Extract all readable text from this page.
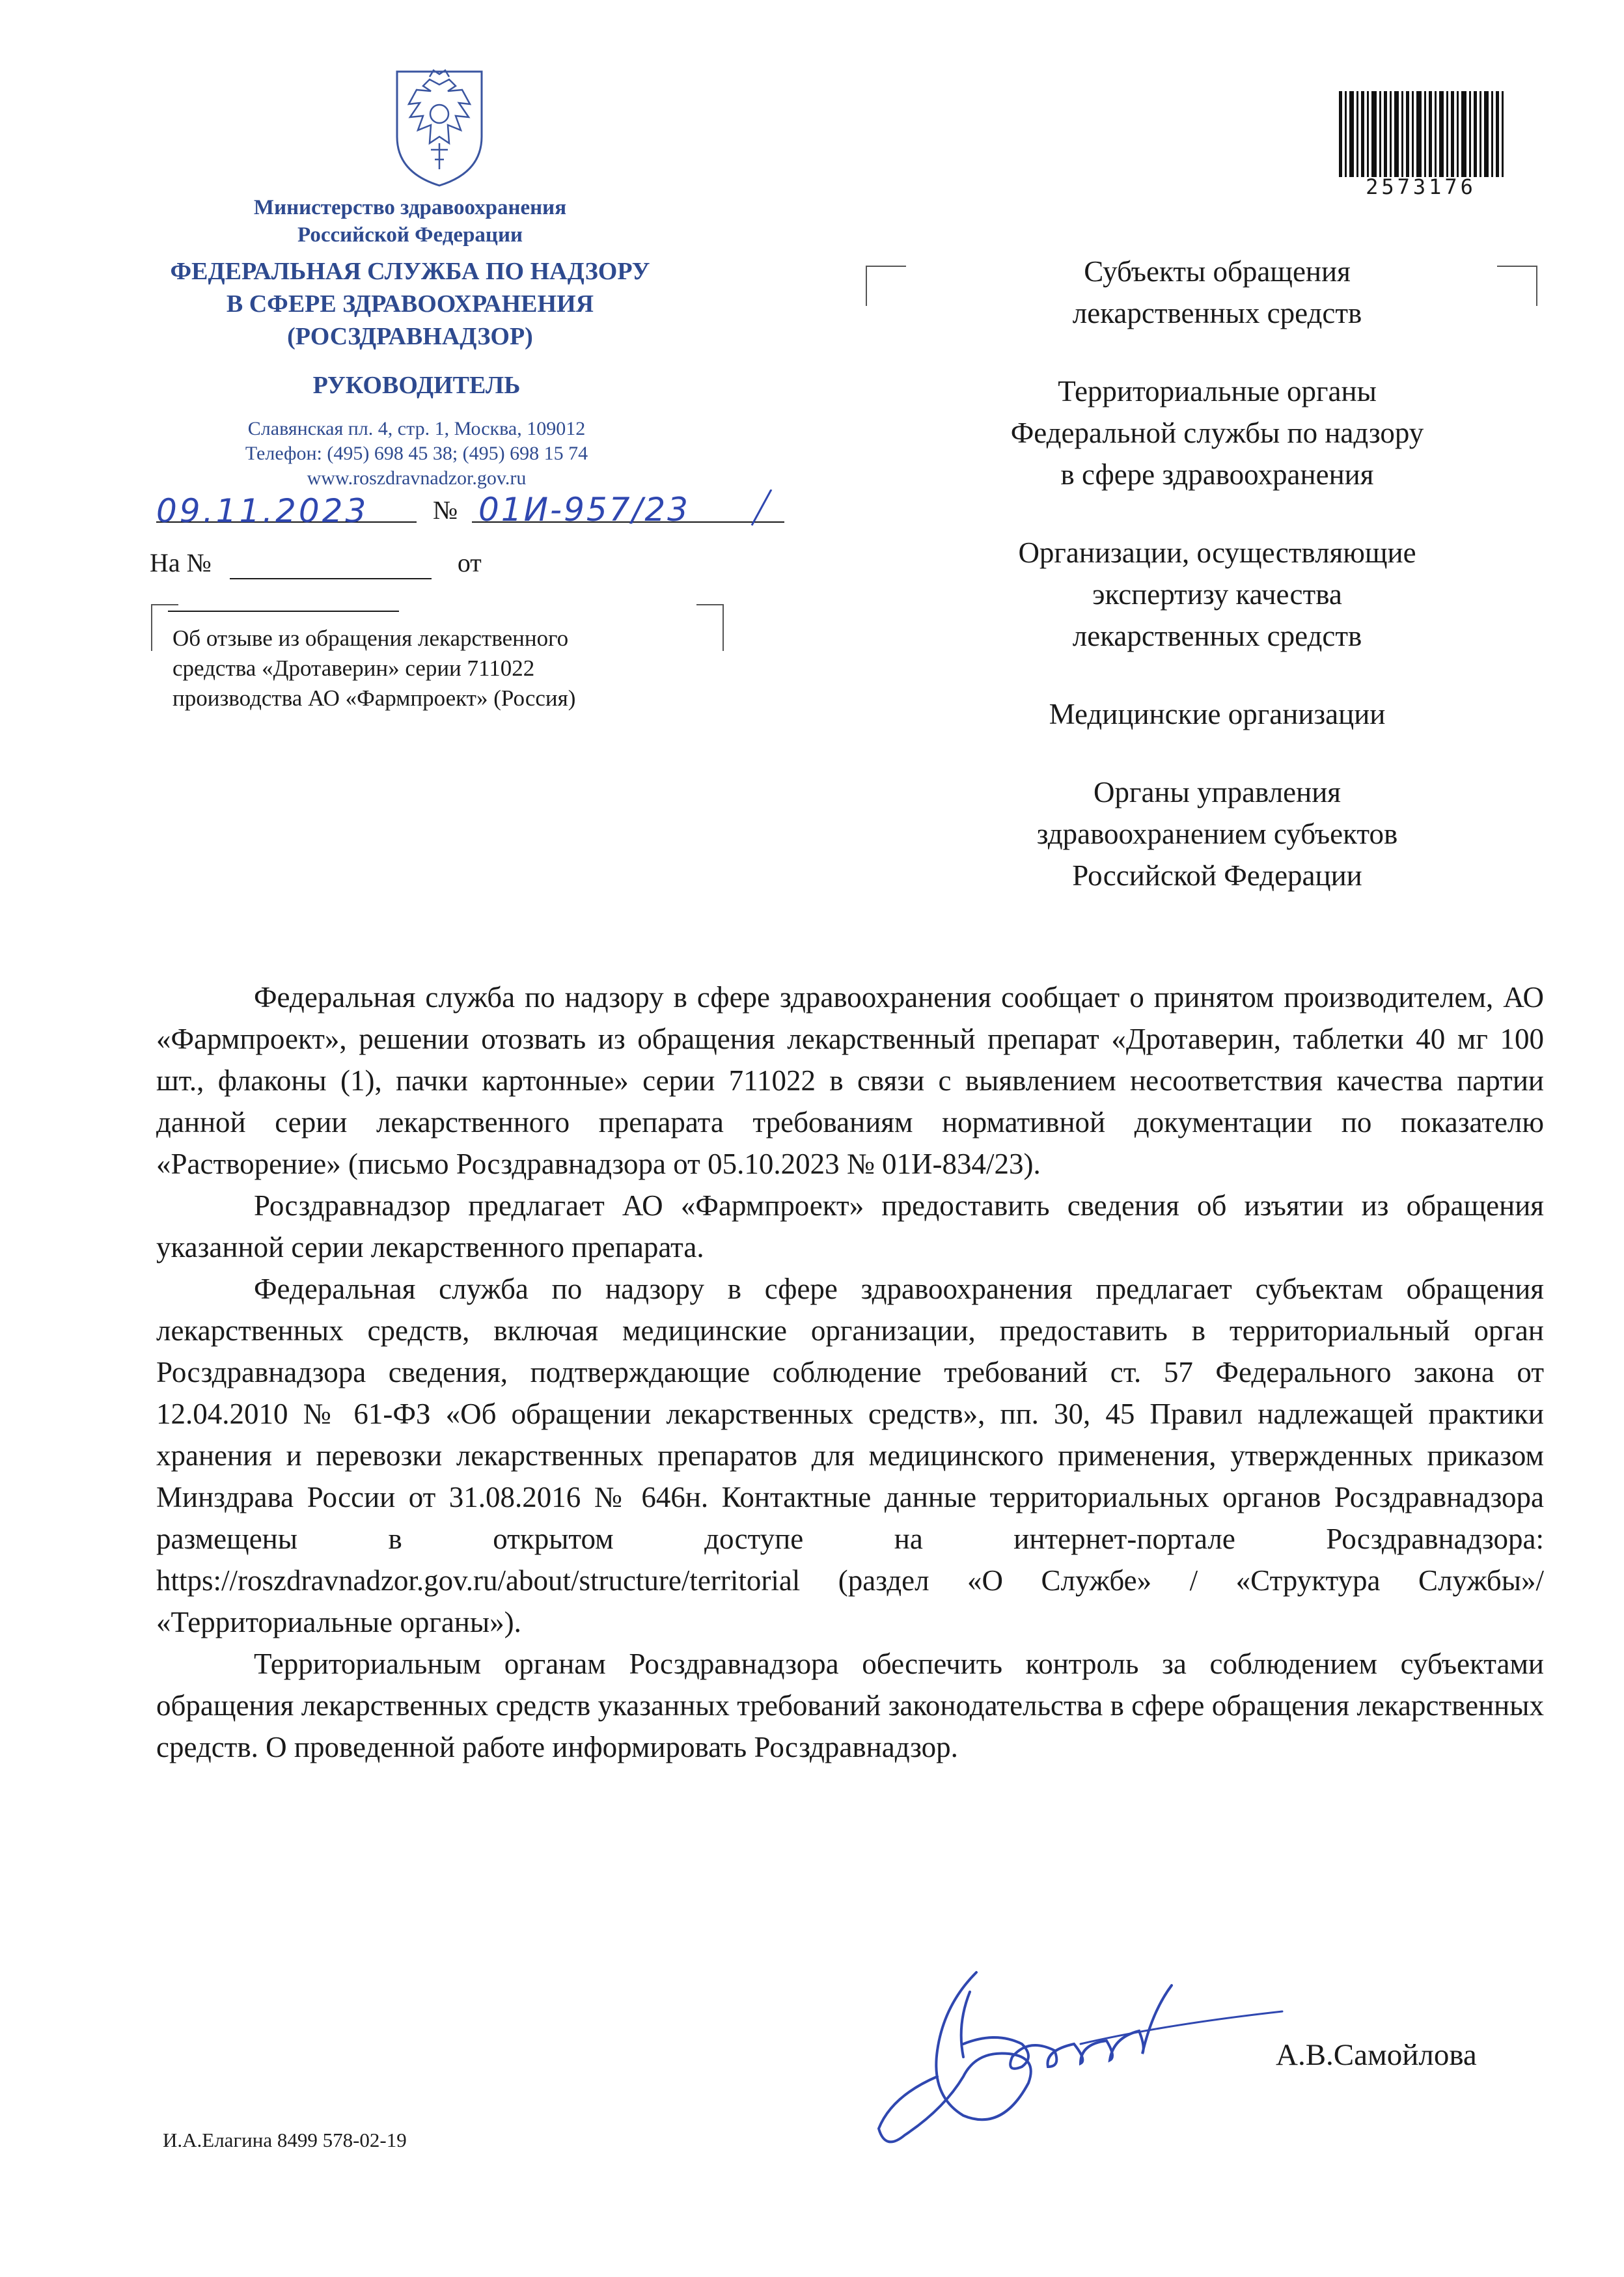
Министерство здравоохранения
Российской Федерации
ФЕДЕРАЛЬНАЯ СЛУЖБА ПО НАДЗОРУ
В СФЕРЕ ЗДРАВООХРАНЕНИЯ
(РОСЗДРАВНАДЗОР)
РУКОВОДИТЕЛЬ
Славянская пл. 4, стр. 1, Москва, 109012
Телефон: (495) 698 45 38; (495) 698 15 74
www.roszdravnadzor.gov.ru
09.11.2023 № 01И-957/23
На №	от
Об отзыве из обращения лекарственного
средства «Дротаверин» серии 711022
производства АО «Фармпроект» (Россия)
2573176
Субъекты обращения
лекарственных средств
Территориальные органы
Федеральной службы по надзору
в сфере здравоохранения
Организации, осуществляющие
экспертизу качества
лекарственных средств
Медицинские организации
Органы управления
здравоохранением субъектов
Российской Федерации

Федеральная служба по надзору в сфере здравоохранения сообщает о принятом производителем, АО «Фармпроект», решении отозвать из обращения лекарственный препарат «Дротаверин, таблетки 40 мг 100 шт., флаконы (1), пачки картонные» серии 711022 в связи с выявлением несоответствия качества партии данной серии лекарственного препарата требованиям нормативной документации по показателю «Растворение» (письмо Росздравнадзора от 05.10.2023 № 01И-834/23).

Росздравнадзор предлагает АО «Фармпроект» предоставить сведения об изъятии из обращения указанной серии лекарственного препарата.

Федеральная служба по надзору в сфере здравоохранения предлагает субъектам обращения лекарственных средств, включая медицинские организации, предоставить в территориальный орган Росздравнадзора сведения, подтверждающие соблюдение требований ст. 57 Федерального закона от 12.04.2010 № 61-ФЗ «Об обращении лекарственных средств», пп. 30, 45 Правил надлежащей практики хранения и перевозки лекарственных препаратов для медицинского применения, утвержденных приказом Минздрава России от 31.08.2016 № 646н. Контактные данные территориальных органов Росздравнадзора размещены в открытом доступе на интернет-портале Росздравнадзора: https://roszdravnadzor.gov.ru/about/structure/territorial (раздел «О Службе» / «Структура Службы»/ «Территориальные органы»).

Территориальным органам Росздравнадзора обеспечить контроль за соблюдением субъектами обращения лекарственных средств указанных требований законодательства в сфере обращения лекарственных средств. О проведенной работе информировать Росздравнадзор.

А.В.Самойлова
И.А.Елагина 8499 578-02-19
